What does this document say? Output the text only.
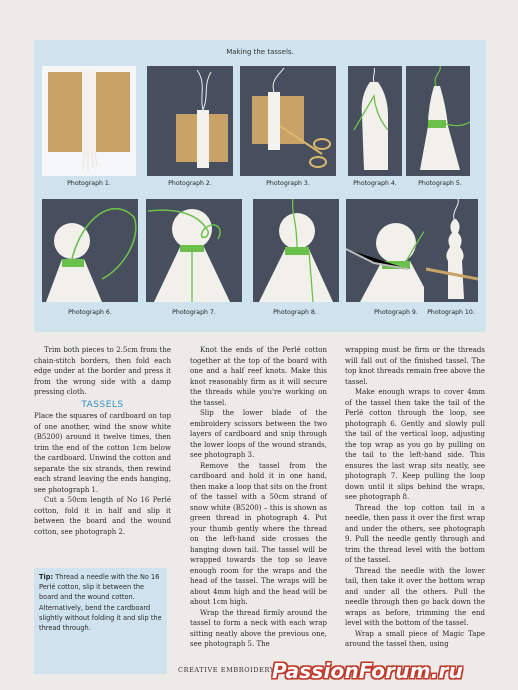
Making the tassels.
Photograph 1.	Photograph 2.	Photograph 3.	Photograph 4.	Photograph 5.
Photograph 6.	Photograph 7.	Photograph 8.	Photograph 9.	Photograph 10.

Trim both pieces to 2.5cm from the chain-stitch borders, then fold each edge under at the border and press it from the wrong side with a damp pressing cloth.

TASSELS

Place the squares of cardboard on top of one another, wind the snow white (B5200) around it twelve times, then trim the end of the cotton 1cm below the cardboard. Unwind the cotton and separate the six strands, then rewind each strand leaving the ends hanging, see photograph 1.

Cut a 50cm length of No 16 Perlé cotton, fold it in half and slip it between the board and the wound cotton, see photograph 2.

Tip: Thread a needle with the No 16 Perlé cotton, slip it between the board and the wound cotton. Alternatively, bend the cardboard slightly without folding it and slip the thread through.

Knot the ends of the Perlé cotton together at the top of the board with one and a half reef knots. Make this knot reasonably firm as it will secure the threads while you're working on the tassel.

Slip the lower blade of the embroidery scissors between the two layers of cardboard and snip through the lower loops of the wound strands, see photograph 3.

Remove the tassel from the cardboard and hold it in one hand, then make a loop that sits on the front of the tassel with a 50cm strand of snow white (B5200) – this is shown as green thread in photograph 4. Put your thumb gently where the thread on the left-hand side crosses the hanging down tail. The tassel will be wrapped towards the top so leave enough room for the wraps and the head of the tassel. The wraps will be about 4mm high and the head will be about 1cm high.

Wrap the thread firmly around the tassel to form a neck with each wrap sitting neatly above the previous one, see photograph 5. The

wrapping must be firm or the threads will fall out of the finished tassel. The top knot threads remain free above the tassel.

Make enough wraps to cover 4mm of the tassel then take the tail of the Perlé cotton through the loop, see photograph 6. Gently and slowly pull the tail of the vertical loop, adjusting the top wrap as you go by pulling on the tail to the left-hand side. This ensures the last wrap sits neatly, see photograph 7. Keep pulling the loop down until it slips behind the wraps, see photograph 8.

Thread the top cotton tail in a needle, then pass it over the first wrap and under the others, see photograph 9. Pull the needle gently through and trim the thread level with the bottom of the tassel.

Thread the needle with the lower tail, then take it over the bottom wrap and under all the others. Pull the needle through then go back down the wraps as before, trimming the end level with the bottom of the tassel.

Wrap a small piece of Magic Tape around the tassel then, using

CREATIVE EMBROIDERY
PassionForum.ru
